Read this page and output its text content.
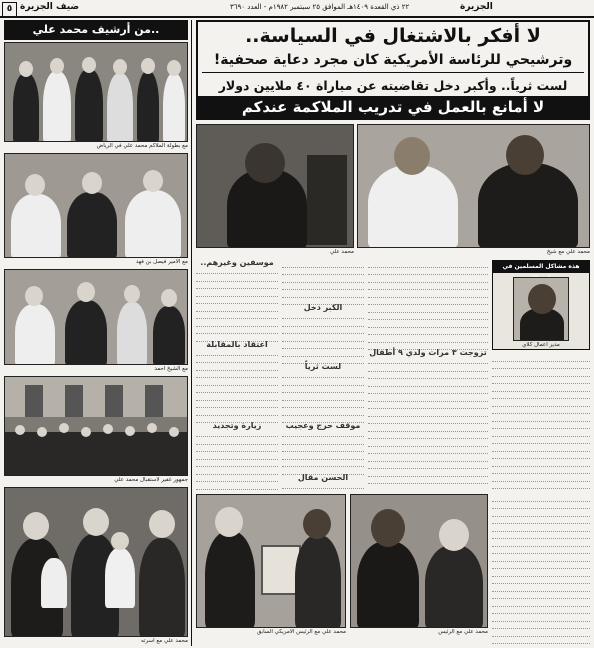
٥ ضيف الجزيرة	٢٢ ذي القعدة ١٤٠٩هـ الموافق ٢٥ سبتمبر ١٩٨٢م - العدد ٣٦٩٠	الجزيرة
من أرشيف محمد علي..
مع بطولة الملاكم محمد علي في الرياض
مع الأمير فيصل بن فهد
مع الشيخ أحمد
جمهور غفير لاستقبال محمد علي
محمد علي مع أسرته
لا أفكر بالاشتغال في السياسة..
وترشيحي للرئاسة الأمريكية كان مجرد دعاية صحفية!
لست ثرياً.. وأكبر دخل تقاضيته عن مباراة ٤٠ ملايين دولار
لا أمانع بالعمل في تدريب الملاكمة عندكم
محمد علي	محمد علي مع شيخ
موسفين وغيرهم..
اعتقاد بالمقابلة
زيارة وتجديد
الكبر دخل
لست ثرياً
موقف حرج وعجيب
الحسن مقال
تزوجت ٣ مرات ولدي ٩ أطفال
هذه مشاكل المسلمين في
مدير أعمال كلاي
محمد علي مع الرئيس الأمريكي السابق	محمد علي مع الرئيس
